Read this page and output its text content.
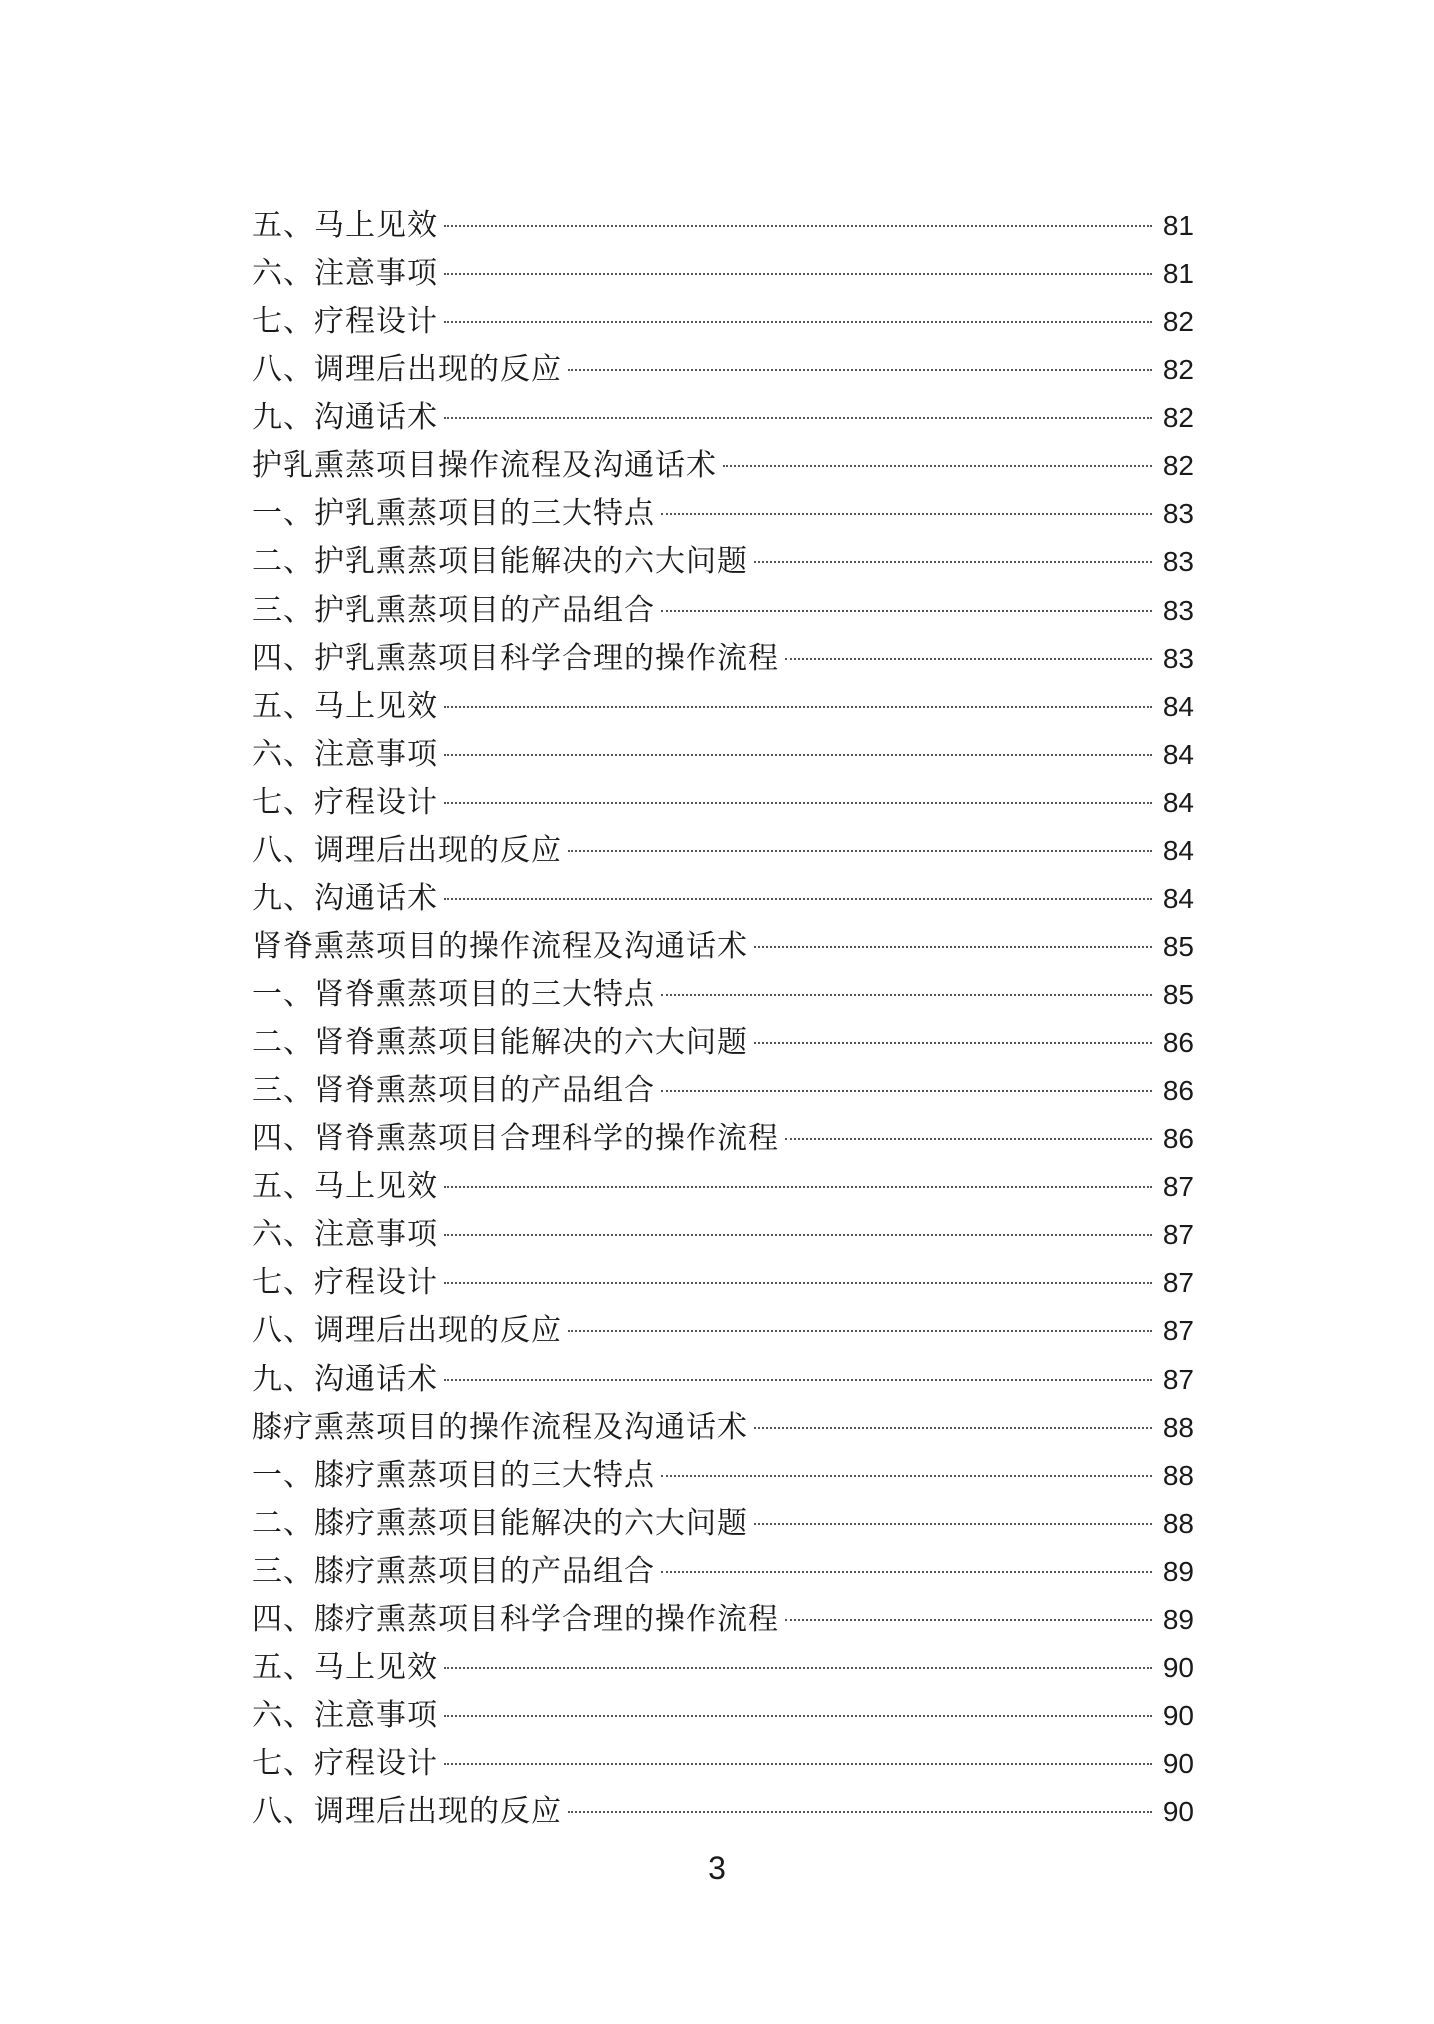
五、马上见效	81
六、注意事项	81
七、疗程设计	82
八、调理后出现的反应	82
九、沟通话术	82
护乳熏蒸项目操作流程及沟通话术	82
一、护乳熏蒸项目的三大特点	83
二、护乳熏蒸项目能解决的六大问题	83
三、护乳熏蒸项目的产品组合	83
四、护乳熏蒸项目科学合理的操作流程	83
五、马上见效	84
六、注意事项	84
七、疗程设计	84
八、调理后出现的反应	84
九、沟通话术	84
肾脊熏蒸项目的操作流程及沟通话术	85
一、肾脊熏蒸项目的三大特点	85
二、肾脊熏蒸项目能解决的六大问题	86
三、肾脊熏蒸项目的产品组合	86
四、肾脊熏蒸项目合理科学的操作流程	86
五、马上见效	87
六、注意事项	87
七、疗程设计	87
八、调理后出现的反应	87
九、沟通话术	87
膝疗熏蒸项目的操作流程及沟通话术	88
一、膝疗熏蒸项目的三大特点	88
二、膝疗熏蒸项目能解决的六大问题	88
三、膝疗熏蒸项目的产品组合	89
四、膝疗熏蒸项目科学合理的操作流程	89
五、马上见效	90
六、注意事项	90
七、疗程设计	90
八、调理后出现的反应	90
3
